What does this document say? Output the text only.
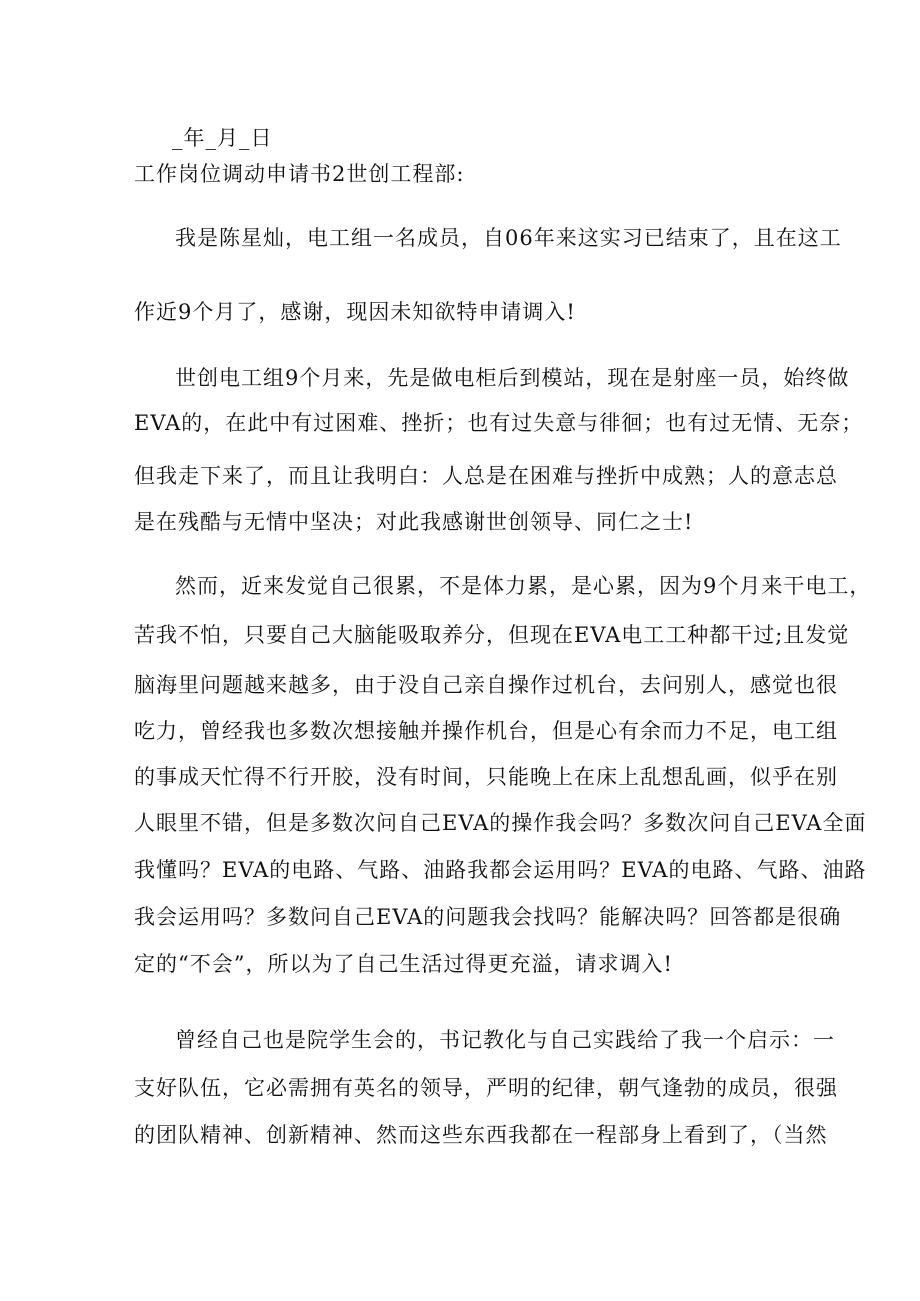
_年_月_日
工作岗位调动申请书2世创工程部:
我是陈星灿，电工组一名成员，自06年来这实习已结束了，且在这工
作近9个月了，感谢，现因未知欲特申请调入!
世创电工组9个月来，先是做电柜后到模站，现在是射座一员，始终做
EVA的，在此中有过困难、挫折；也有过失意与徘徊；也有过无情、无奈；
但我走下来了，而且让我明白：人总是在困难与挫折中成熟；人的意志总
是在残酷与无情中坚决；对此我感谢世创领导、同仁之士!
然而，近来发觉自己很累，不是体力累，是心累，因为9个月来干电工，
苦我不怕，只要自己大脑能吸取养分，但现在EVA电工工种都干过;且发觉
脑海里问题越来越多，由于没自己亲自操作过机台，去问别人，感觉也很
吃力，曾经我也多数次想接触并操作机台，但是心有余而力不足，电工组
的事成天忙得不行开胶，没有时间，只能晚上在床上乱想乱画，似乎在别
人眼里不错，但是多数次问自己EVA的操作我会吗？多数次问自己EVA全面
我懂吗？EVA的电路、气路、油路我都会运用吗？EVA的电路、气路、油路
我会运用吗？多数问自己EVA的问题我会找吗？能解决吗？回答都是很确
定的“不会”，所以为了自己生活过得更充溢，请求调入!
曾经自己也是院学生会的，书记教化与自己实践给了我一个启示：一
支好队伍，它必需拥有英名的领导，严明的纪律，朝气逢勃的成员，很强
的团队精神、创新精神、然而这些东西我都在一程部身上看到了，（当然
